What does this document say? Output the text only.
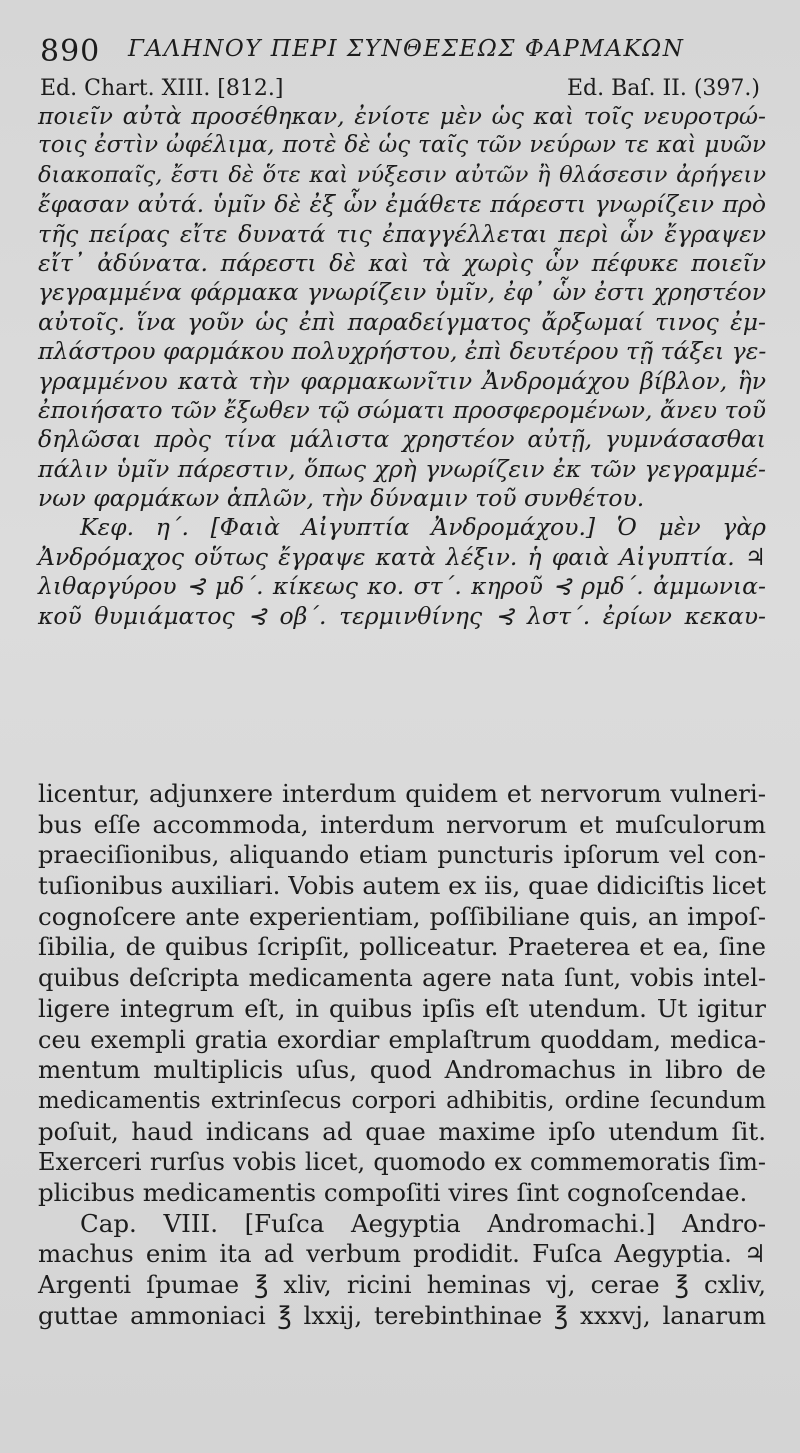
890 ΓΑΛΗΝΟΥ ΠΕΡΙ ΣΥΝΘΕΣΕΩΣ ΦΑΡΜΑΚΩΝ
Ed. Chart. XIII. [812.]	Ed. Baſ. II. (397.)
ποιεῖν αὐτὰ προσέθηκαν, ἐνίοτε μὲν ὡς καὶ τοῖς νευροτρώ-
τοις ἐστὶν ὠφέλιμα, ποτὲ δὲ ὡς ταῖς τῶν νεύρων τε καὶ μυῶν
διακοπαῖς, ἔστι δὲ ὅτε καὶ νύξεσιν αὐτῶν ἢ θλάσεσιν ἀρήγειν
ἔφασαν αὐτά. ὑμῖν δὲ ἐξ ὧν ἐμάθετε πάρεστι γνωρίζειν πρὸ
τῆς πείρας εἴτε δυνατά τις ἐπαγγέλλεται περὶ ὧν ἔγραψεν
εἴτ᾽ ἀδύνατα. πάρεστι δὲ καὶ τὰ χωρὶς ὧν πέφυκε ποιεῖν
γεγραμμένα φάρμακα γνωρίζειν ὑμῖν, ἐφ᾽ ὧν ἐστι χρηστέον
αὐτοῖς. ἵνα γοῦν ὡς ἐπὶ παραδείγματος ἄρξωμαί τινος ἐμ-
πλάστρου φαρμάκου πολυχρήστου, ἐπὶ δευτέρου τῇ τάξει γε-
γραμμένου κατὰ τὴν φαρμακωνῖτιν Ἀνδρομάχου βίβλον, ἣν
ἐποιήσατο τῶν ἔξωθεν τῷ σώματι προσφερομένων, ἄνευ τοῦ
δηλῶσαι πρὸς τίνα μάλιστα χρηστέον αὐτῇ, γυμνάσασθαι
πάλιν ὑμῖν πάρεστιν, ὅπως χρὴ γνωρίζειν ἐκ τῶν γεγραμμέ-
νων φαρμάκων ἁπλῶν, τὴν δύναμιν τοῦ συνθέτου.
Κεφ. η΄. [Φαιὰ Αἰγυπτία Ἀνδρομάχου.] Ὁ μὲν γὰρ
Ἀνδρόμαχος οὕτως ἔγραψε κατὰ λέξιν. ἡ φαιὰ Αἰγυπτία. ♃
λιθαργύρου ⊰ μδ΄. κίκεως κο. στ΄. κηροῦ ⊰ ρμδ΄. ἀμμωνια-
κοῦ θυμιάματος ⊰ οβ΄. τερμινθίνης ⊰ λστ΄. ἐρίων κεκαυ-
licentur, adjunxere interdum quidem et nervorum vulneri-
bus eſſe accommoda, interdum nervorum et muſculorum
praeciſionibus, aliquando etiam puncturis ipſorum vel con-
tuſionibus auxiliari. Vobis autem ex iis, quae didiciſtis licet
cognoſcere ante experientiam, poſſibiliane quis, an impoſ-
ſibilia, de quibus ſcripſit, polliceatur. Praeterea et ea, ſine
quibus deſcripta medicamenta agere nata ſunt, vobis intel-
ligere integrum eſt, in quibus ipſis eſt utendum. Ut igitur
ceu exempli gratia exordiar emplaſtrum quoddam, medica-
mentum multiplicis uſus, quod Andromachus in libro de
medicamentis extrinſecus corpori adhibitis, ordine ſecundum
poſuit, haud indicans ad quae maxime ipſo utendum ſit.
Exerceri rurſus vobis licet, quomodo ex commemoratis ſim-
plicibus medicamentis compoſiti vires ſint cognoſcendae.
Cap. VIII. [Fuſca Aegyptia Andromachi.] Andro-
machus enim ita ad verbum prodidit. Fuſca Aegyptia. ♃
Argenti ſpumae ℥ xliv, ricini heminas vj, cerae ℥ cxliv,
guttae ammoniaci ℥ lxxij, terebinthinae ℥ xxxvj, lanarum
